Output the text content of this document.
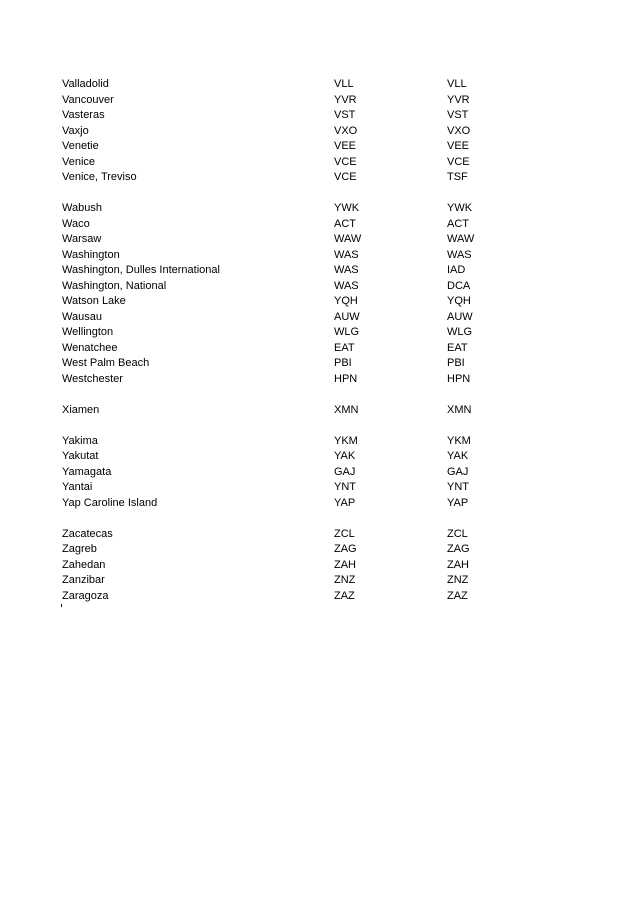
Valladolid	VLL	VLL
Vancouver	YVR	YVR
Vasteras	VST	VST
Vaxjo	VXO	VXO
Venetie	VEE	VEE
Venice	VCE	VCE
Venice, Treviso	VCE	TSF
Wabush	YWK	YWK
Waco	ACT	ACT
Warsaw	WAW	WAW
Washington	WAS	WAS
Washington, Dulles International	WAS	IAD
Washington, National	WAS	DCA
Watson Lake	YQH	YQH
Wausau	AUW	AUW
Wellington	WLG	WLG
Wenatchee	EAT	EAT
West Palm Beach	PBI	PBI
Westchester	HPN	HPN
Xiamen	XMN	XMN
Yakima	YKM	YKM
Yakutat	YAK	YAK
Yamagata	GAJ	GAJ
Yantai	YNT	YNT
Yap Caroline Island	YAP	YAP
Zacatecas	ZCL	ZCL
Zagreb	ZAG	ZAG
Zahedan	ZAH	ZAH
Zanzibar	ZNZ	ZNZ
Zaragoza	ZAZ	ZAZ
